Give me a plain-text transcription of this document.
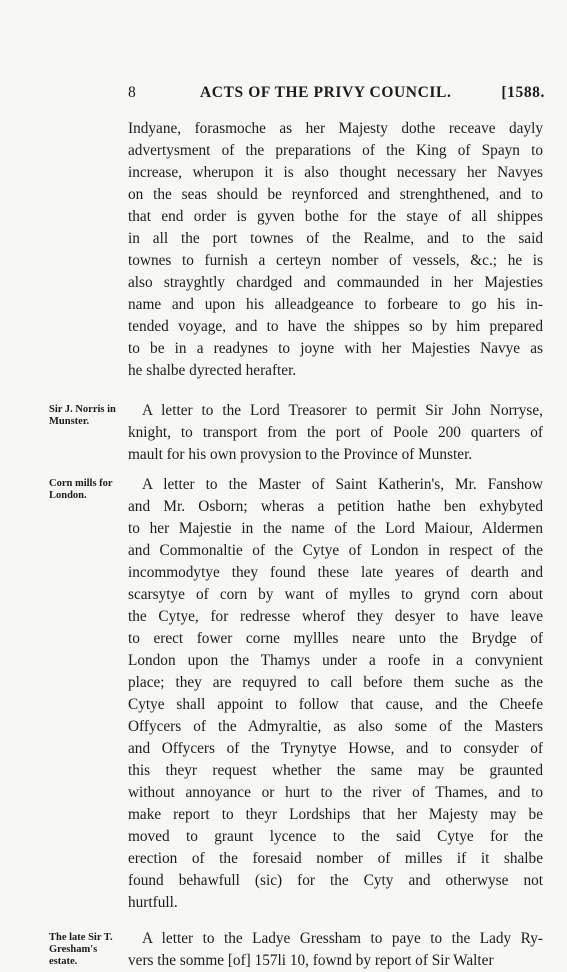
8	ACTS OF THE PRIVY COUNCIL.	[1588.
Indyane, forasmoche as her Majesty dothe receave dayly
advertysment of the preparations of the King of Spayn to
increase, wherupon it is also thought necessary her Navyes
on the seas should be reynforced and strenghthened, and to
that end order is gyven bothe for the staye of all shippes
in all the port townes of the Realme, and to the said
townes to furnish a certeyn nomber of vessels, &c.; he is
also strayghtly chardged and commaunded in her Majesties
name and upon his alleadgeance to forbeare to go his in-
tended voyage, and to have the shippes so by him prepared
to be in a readynes to joyne with her Majesties Navye as
he shalbe dyrected herafter.
A letter to the Lord Treasorer to permit Sir John Norryse,
knight, to transport from the port of Poole 200 quarters of
mault for his own provysion to the Province of Munster.
A letter to the Master of Saint Katherin's, Mr. Fanshow
and Mr. Osborn; wheras a petition hathe ben exhybyted
to her Majestie in the name of the Lord Maiour, Aldermen
and Commonaltie of the Cytye of London in respect of the
incommodytye they found these late yeares of dearth and
scarsytye of corn by want of mylles to grynd corn about
the Cytye, for redresse wherof they desyer to have leave
to erect fower corne myllles neare unto the Brydge of
London upon the Thamys under a roofe in a convynient
place; they are requyred to call before them suche as the
Cytye shall appoint to follow that cause, and the Cheefe
Offycers of the Admyraltie, as also some of the Masters
and Offycers of the Trynytye Howse, and to consyder of
this theyr request whether the same may be graunted
without annoyance or hurt to the river of Thames, and to
make report to theyr Lordships that her Majesty may be
moved to graunt lycence to the said Cytye for the
erection of the foresaid nomber of milles if it shalbe
found behawfull (sic) for the Cyty and otherwyse not
hurtfull.
A letter to the Ladye Gressham to paye to the Lady Ry-
vers the somme [of] 157li 10, fownd by report of Sir Walter
Sir J. Norris in
Munster.
Corn mills for
London.
The late Sir T.
Gresham's
estate.
